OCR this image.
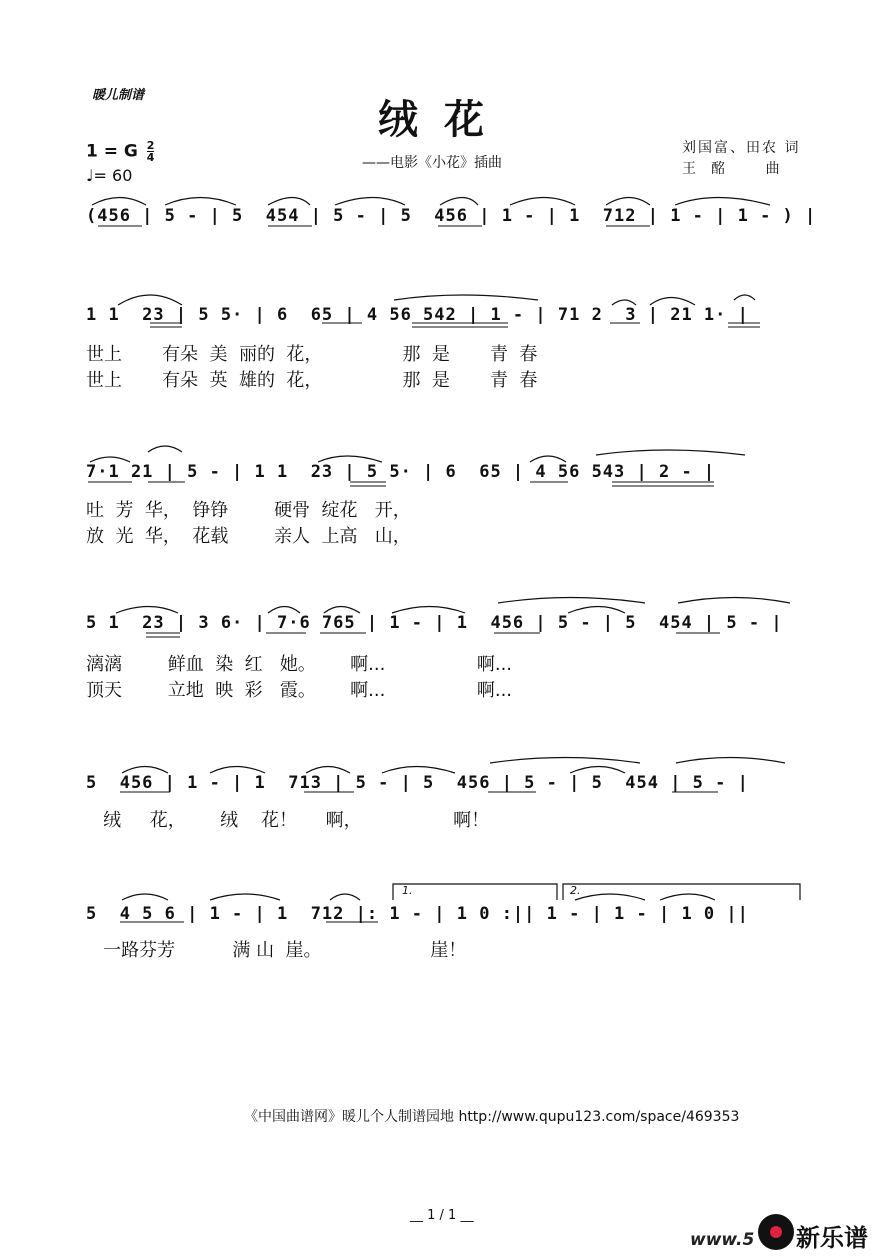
暖儿制谱
绒花
——电影《小花》插曲
1 = G $\frac{2}{4}$
♩= 60
刘国富、田农 词
王  酩      曲
(456 | 5 - | 5  454 | 5 - | 5  456 | 1 - | 1  712 | 1 - | 1 - ) |
1 1  23 | 5 5· | 6  65 | 4 56 542 | 1 - | 71 2  3 | 21 1· |
世上       有朵  美  丽的  花，              那  是       青  春
世上       有朵  英  雄的  花，              那  是       青  春
7·1 21 | 5 - | 1 1  23 | 5 5· | 6  65 | 4 56 543 | 2 - |
吐  芳  华，  铮铮        硬骨  绽花   开，
放  光  华，  花载        亲人  上高   山，
5 1  23 | 3 6· | 7·6 765 | 1 - | 1  456 | 5 - | 5  454 | 5 - |
漓漓        鲜血  染  红   她。      啊...                啊...
顶天        立地  映  彩   霞。      啊...                啊...
5  456 | 1 - | 1  713 | 5 - | 5  456 | 5 - | 5  454 | 5 - |
绒     花，      绒    花！     啊，                啊！
5  4 5 6 | 1 - | 1  712 |: 1 - | 1 0 :|| 1 - | 1 - | 1 0 ||
1.	2.
一路芬芳          满 山  崖。                   崖！
《中国曲谱网》暖儿个人制谱园地 http://www.qupu123.com/space/469353
__ 1 / 1 __
www.5 新乐谱
